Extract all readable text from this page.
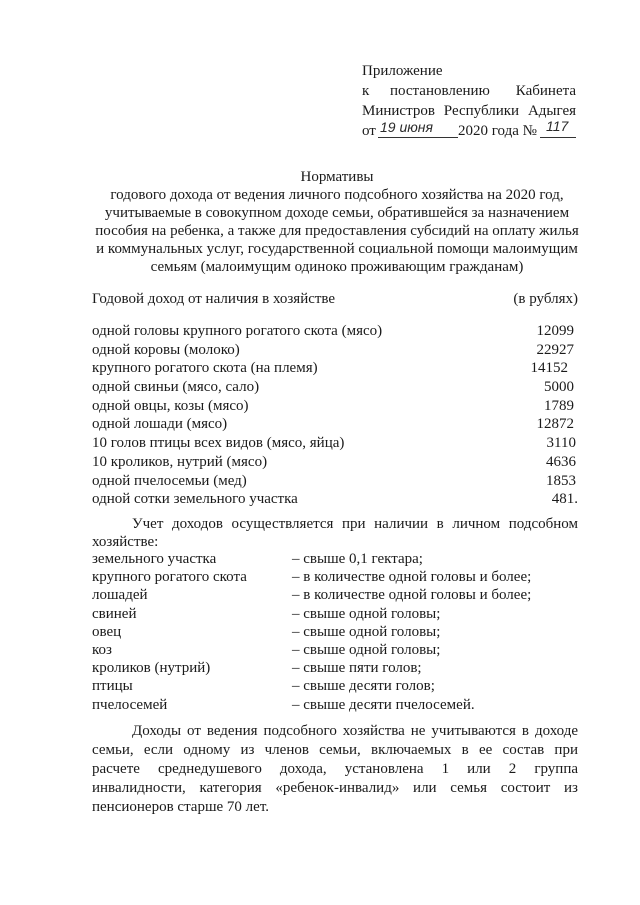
Приложение
к постановлению Кабинета
Министров Республики Адыгея
от 19 июня 2020 года № 117
Нормативы
годового дохода от ведения личного подсобного хозяйства на 2020 год,
учитываемые в совокупном доходе семьи, обратившейся за назначением
пособия на ребенка, а также для предоставления субсидий на оплату жилья
и коммунальных услуг, государственной социальной помощи малоимущим
семьям (малоимущим одиноко проживающим гражданам)
Годовой доход от наличия в хозяйстве	(в рублях)
одной головы крупного рогатого скота (мясо)	12099
одной коровы (молоко)	22927
крупного рогатого скота (на племя)	14152
одной свиньи (мясо, сало)	5000
одной овцы, козы (мясо)	1789
одной лошади (мясо)	12872
10 голов птицы всех видов (мясо, яйца)	3110
10 кроликов, нутрий (мясо)	4636
одной пчелосемьи (мед)	1853
одной сотки земельного участка	481.
Учет доходов осуществляется при наличии в личном подсобном
хозяйстве:
земельного участка	– свыше 0,1 гектара;
крупного рогатого скота	– в количестве одной головы и более;
лошадей	– в количестве одной головы и более;
свиней	– свыше одной головы;
овец	– свыше одной головы;
коз	– свыше одной головы;
кроликов (нутрий)	– свыше пяти голов;
птицы	– свыше десяти голов;
пчелосемей	– свыше десяти пчелосемей.
Доходы от ведения подсобного хозяйства не учитываются в доходе
семьи, если одному из членов семьи, включаемых в ее состав при
расчете среднедушевого дохода, установлена 1 или 2 группа
инвалидности, категория «ребенок-инвалид» или семья состоит из
пенсионеров старше 70 лет.
